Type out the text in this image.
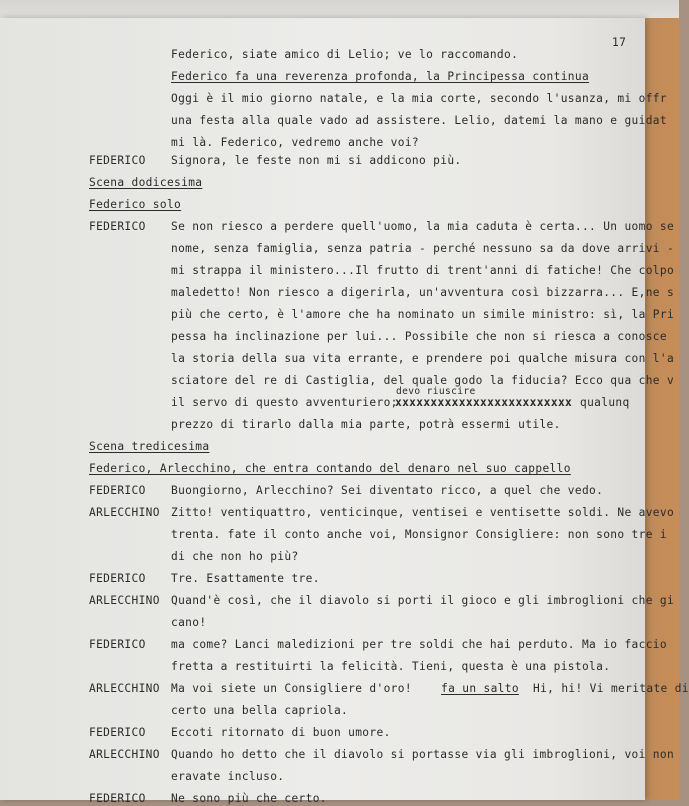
17
Federico, siate amico di Lelio; ve lo raccomando.
Federico fa una reverenza profonda, la Principessa continua
Oggi è il mio giorno natale, e la mia corte, secondo l'usanza, mi offr
una festa alla quale vado ad assistere. Lelio, datemi la mano e guidat
mi là. Federico, vedremo anche voi?
FEDERICO Signora, le feste non mi si addicono più.
Scena dodicesima
Federico solo
FEDERICO Se non riesco a perdere quell'uomo, la mia caduta è certa... Un uomo se
nome, senza famiglia, senza patria - perché nessuno sa da dove arrivi -
mi strappa il ministero...Il frutto di trent'anni di fatiche! Che colpo
maledetto! Non riesco a digerirla, un'avventura così bizzarra... E,ne s
più che certo, è l'amore che ha nominato un simile ministro: sì, la Pri
pessa ha inclinazione per lui... Possibile che non si riesca a conosce
la storia della sua vita errante, e prendere poi qualche misura con l'a
sciatore del re di Castiglia, del quale godo la fiducia? Ecco qua che v
devo riuscire
il servo di questo avventuriero;
xxxxxxxxxxxxxxxxxxxxxxxxx qualunq
prezzo di tirarlo dalla mia parte, potrà essermi utile.
Scena tredicesima
Federico, Arlecchino, che entra contando del denaro nel suo cappello
FEDERICO Buongiorno, Arlecchino? Sei diventato ricco, a quel che vedo.
ARLECCHINO Zitto! ventiquattro, venticinque, ventisei e ventisette soldi. Ne avevo
trenta. fate il conto anche voi, Monsignor Consigliere: non sono tre i
di che non ho più?
FEDERICO Tre. Esattamente tre.
ARLECCHINO Quand'è così, che il diavolo si porti il gioco e gli imbroglioni che gi
cano!
FEDERICO ma come? Lanci maledizioni per tre soldi che hai perduto. Ma io faccio
fretta a restituirti la felicità. Tieni, questa è una pistola.
ARLECCHINO Ma voi siete un Consigliere d'oro!	fa un salto Hi, hi! Vi meritate di
certo una bella capriola.
FEDERICO Eccoti ritornato di buon umore.
ARLECCHINO Quando ho detto che il diavolo si portasse via gli imbroglioni, voi non
eravate incluso.
FEDERICO Ne sono più che certo.
